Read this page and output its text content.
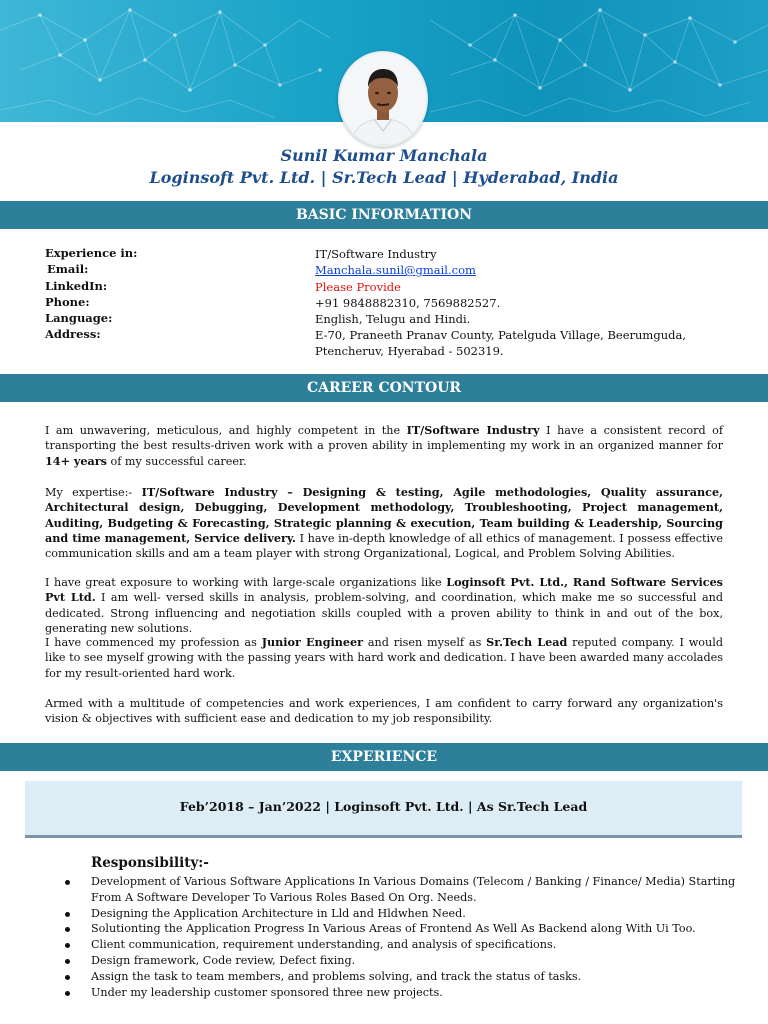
Sunil Kumar Manchala
Loginsoft Pvt. Ltd. | Sr.Tech Lead | Hyderabad, India
BASIC INFORMATION
Experience in:	IT/Software Industry
Email:	Manchala.sunil@gmail.com
LinkedIn:	Please Provide
Phone:	+91 9848882310, 7569882527.
Language:	English, Telugu and Hindi.
Address:	E-70, Praneeth Pranav County, Patelguda Village, Beerumguda, Ptencheruv, Hyerabad - 502319.
CAREER CONTOUR
I am unwavering, meticulous, and highly competent in the IT/Software Industry I have a consistent record of transporting the best results-driven work with a proven ability in implementing my work in an organized manner for 14+ years of my successful career.
My expertise:- IT/Software Industry – Designing & testing, Agile methodologies, Quality assurance, Architectural design, Debugging, Development methodology, Troubleshooting, Project management, Auditing, Budgeting & Forecasting, Strategic planning & execution, Team building & Leadership, Sourcing and time management, Service delivery. I have in-depth knowledge of all ethics of management. I possess effective communication skills and am a team player with strong Organizational, Logical, and Problem Solving Abilities.
I have great exposure to working with large-scale organizations like Loginsoft Pvt. Ltd., Rand Software Services Pvt Ltd. I am well- versed skills in analysis, problem-solving, and coordination, which make me so successful and dedicated. Strong influencing and negotiation skills coupled with a proven ability to think in and out of the box, generating new solutions.
I have commenced my profession as Junior Engineer and risen myself as Sr.Tech Lead reputed company. I would like to see myself growing with the passing years with hard work and dedication. I have been awarded many accolades for my result-oriented hard work.
Armed with a multitude of competencies and work experiences, I am confident to carry forward any organization's vision & objectives with sufficient ease and dedication to my job responsibility.
EXPERIENCE
Feb’2018 – Jan’2022 | Loginsoft Pvt. Ltd. | As Sr.Tech Lead
Responsibility:-
Development of Various Software Applications In Various Domains (Telecom / Banking / Finance/ Media) Starting From A Software Developer To Various Roles Based On Org. Needs.
Designing the Application Architecture in Lld and Hldwhen Need.
Solutionting the Application Progress In Various Areas of Frontend As Well As Backend along With Ui Too.
Client communication, requirement understanding, and analysis of specifications.
Design framework, Code review, Defect fixing.
Assign the task to team members, and problems solving, and track the status of tasks.
Under my leadership customer sponsored three new projects.
